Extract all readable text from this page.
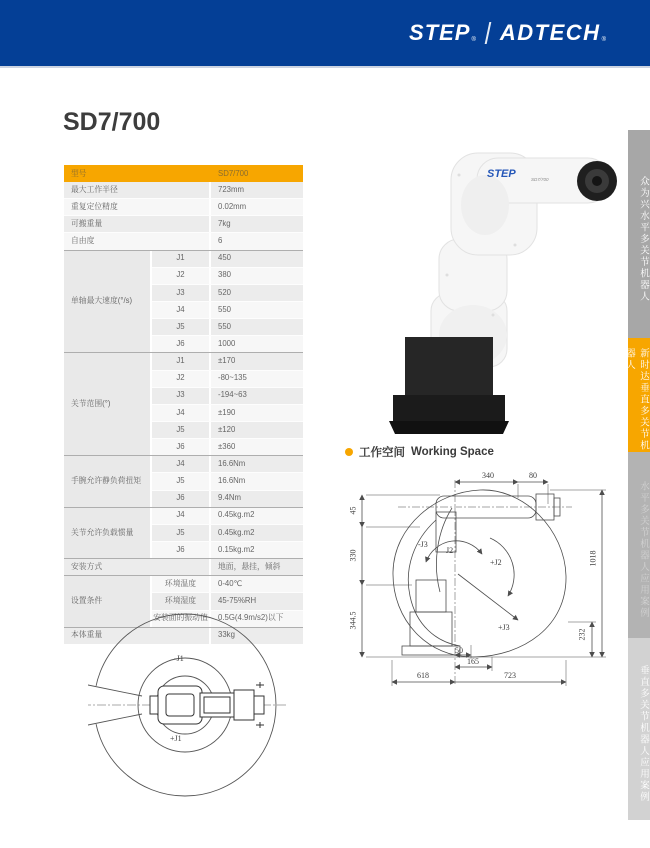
STEP ® ADTECH ®
SD7/700
型号	SD7/700
最大工作半径	723mm
重复定位精度	0.02mm
可搬重量	7kg
自由度	6
单轴最大速度(°/s)
J1	450
J2	380
J3	520
J4	550
J5	550
J6	1000
关节范围(°)
J1	±170
J2	-80~135
J3	-194~63
J4	±190
J5	±120
J6	±360
手腕允许静负荷扭矩
J4	16.6Nm
J5	16.6Nm
J6	9.4Nm
关节允许负载惯量
J4	0.45kg.m2
J5	0.45kg.m2
J6	0.15kg.m2
安装方式	地面，悬挂，倾斜
设置条件
环境温度	0-40℃
环境湿度	45-75%RH
安装面的振动值	0.5G(4.9m/s2)以下
本体重量	33kg
STEP	SD7/700
工作空间 Working Space
340	80
45
330
344.5
1018
232
50
165
618	723
-J3
J2
+J2
+J3
-J1
+J1
众为兴水平多关节机器人
新时达垂直多关节机器人
水平多关节机器人应用案例
垂直多关节机器人应用案例
